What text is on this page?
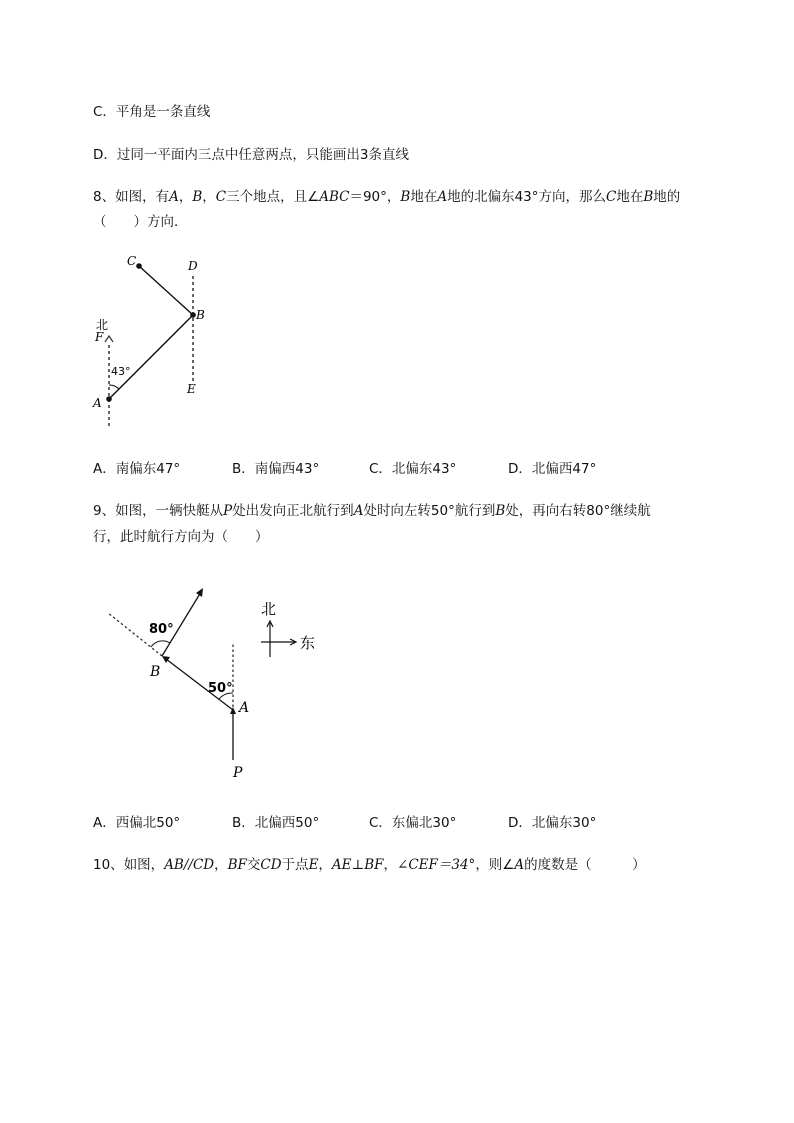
C．平角是一条直线
D．过同一平面内三点中任意两点，只能画出3条直线
8、如图，有A，B，C三个地点，且∠ABC＝90°，B地在A地的北偏东43°方向，那么C地在B地的
（　　）方向．
C	D
B
北
F
43°
A
E
A．南偏东47°	B．南偏西43°	C．北偏东43°	D．北偏西47°
9、如图，一辆快艇从P处出发向正北航行到A处时向左转50°航行到B处，再向右转80°继续航
行，此时航行方向为（　　）
80°
B
50°
A
P
北
东
A．西偏北50°	B．北偏西50°	C．东偏北30°	D．北偏东30°
10、如图，AB//CD，BF交CD于点E，AE⊥BF，∠CEF＝34°，则∠A的度数是（　　　）
